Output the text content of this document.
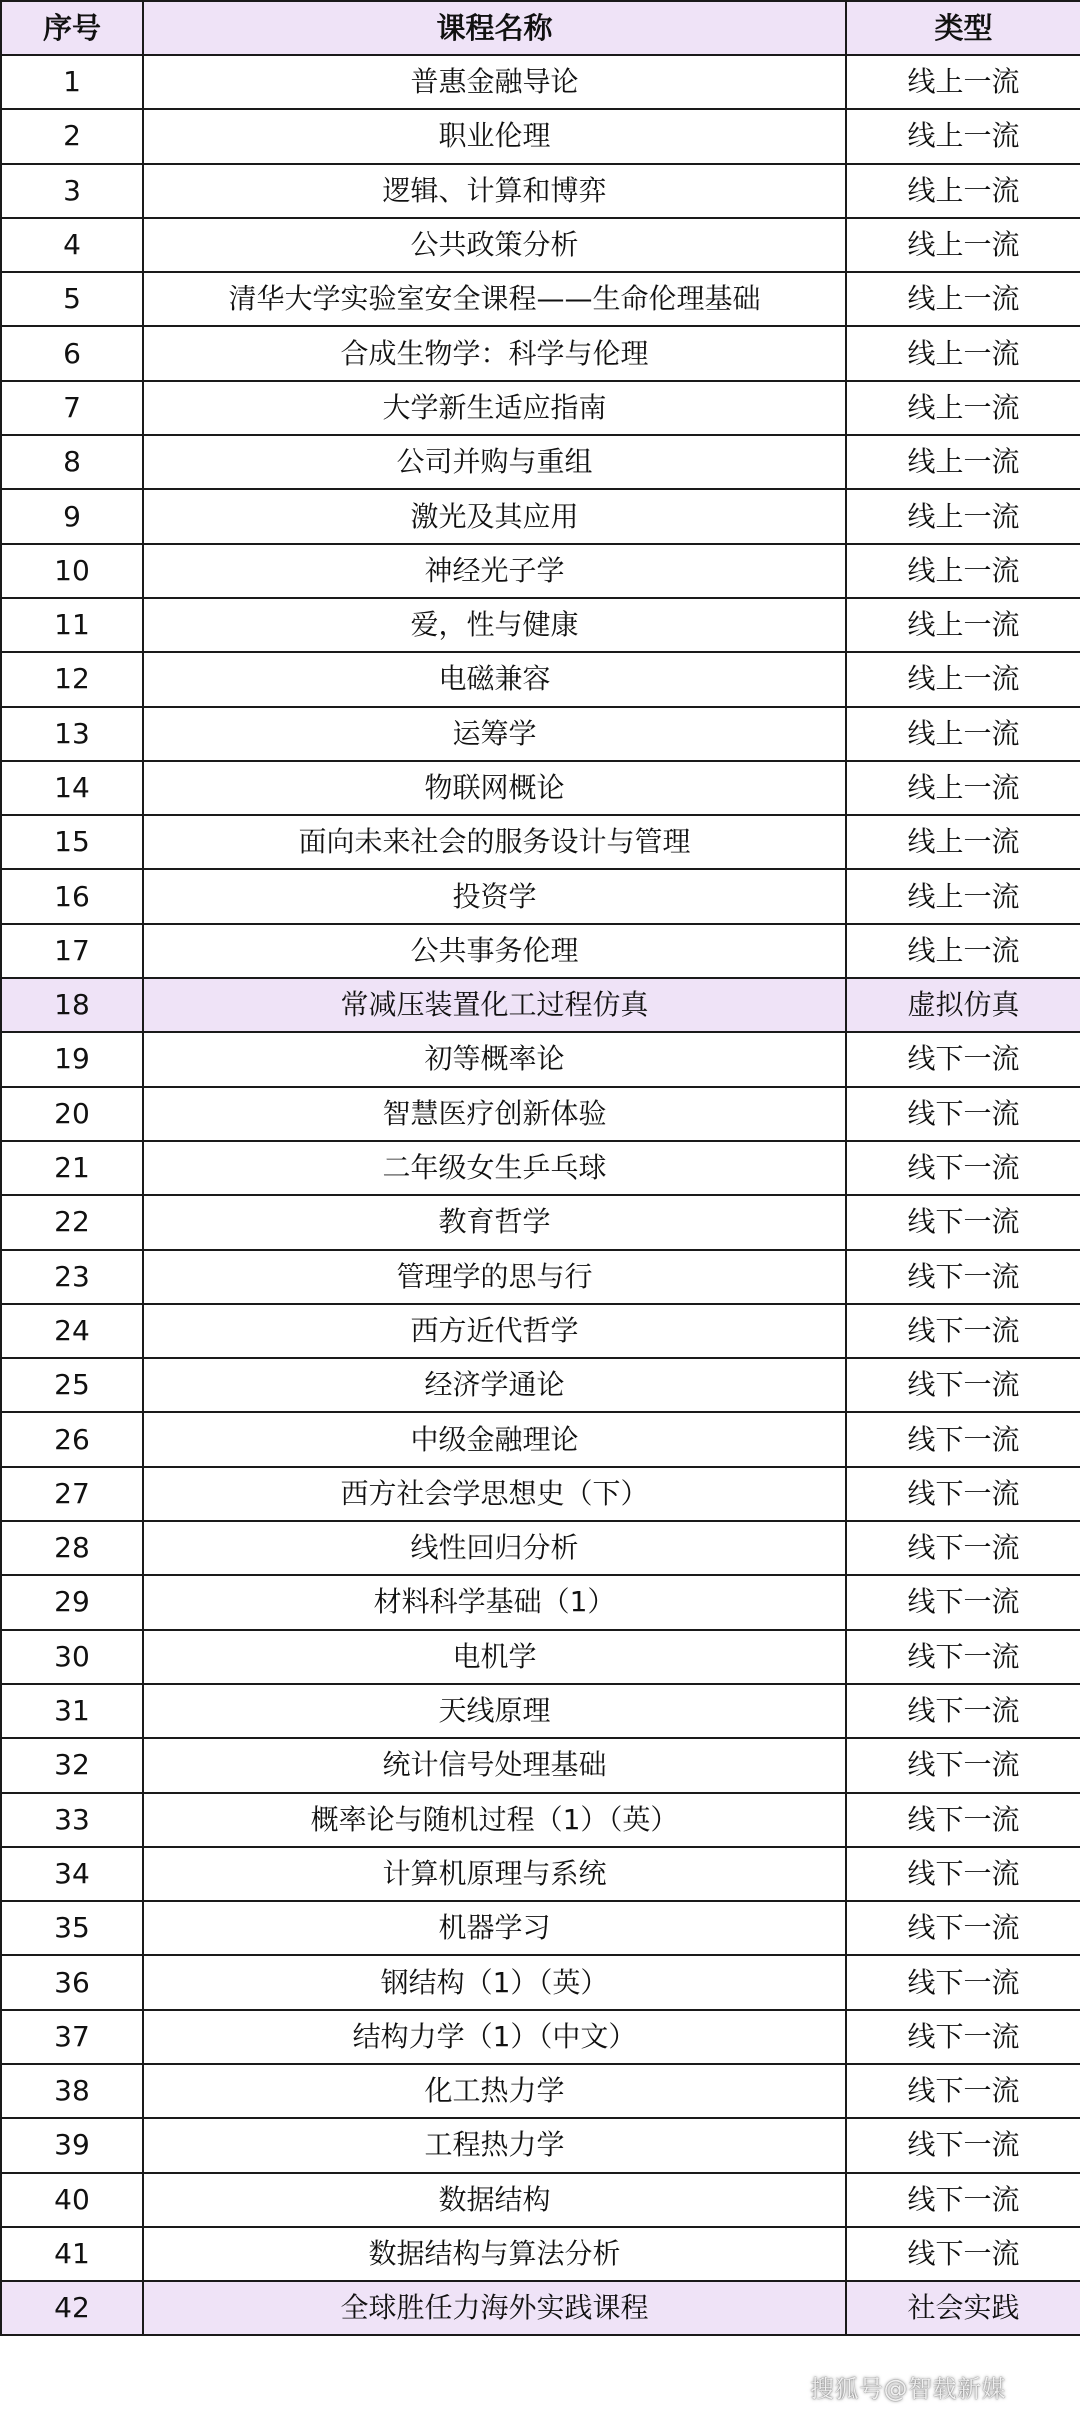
序号	课程名称	类型
1	普惠金融导论	线上一流
2	职业伦理	线上一流
3	逻辑、计算和博弈	线上一流
4	公共政策分析	线上一流
5	清华大学实验室安全课程——生命伦理基础	线上一流
6	合成生物学：科学与伦理	线上一流
7	大学新生适应指南	线上一流
8	公司并购与重组	线上一流
9	激光及其应用	线上一流
10	神经光子学	线上一流
11	爱，性与健康	线上一流
12	电磁兼容	线上一流
13	运筹学	线上一流
14	物联网概论	线上一流
15	面向未来社会的服务设计与管理	线上一流
16	投资学	线上一流
17	公共事务伦理	线上一流
18	常减压装置化工过程仿真	虚拟仿真
19	初等概率论	线下一流
20	智慧医疗创新体验	线下一流
21	二年级女生乒乓球	线下一流
22	教育哲学	线下一流
23	管理学的思与行	线下一流
24	西方近代哲学	线下一流
25	经济学通论	线下一流
26	中级金融理论	线下一流
27	西方社会学思想史（下）	线下一流
28	线性回归分析	线下一流
29	材料科学基础（1）	线下一流
30	电机学	线下一流
31	天线原理	线下一流
32	统计信号处理基础	线下一流
33	概率论与随机过程（1）（英）	线下一流
34	计算机原理与系统	线下一流
35	机器学习	线下一流
36	钢结构（1）（英）	线下一流
37	结构力学（1）（中文）	线下一流
38	化工热力学	线下一流
39	工程热力学	线下一流
40	数据结构	线下一流
41	数据结构与算法分析	线下一流
42	全球胜任力海外实践课程	社会实践
搜狐号@智载新媒
